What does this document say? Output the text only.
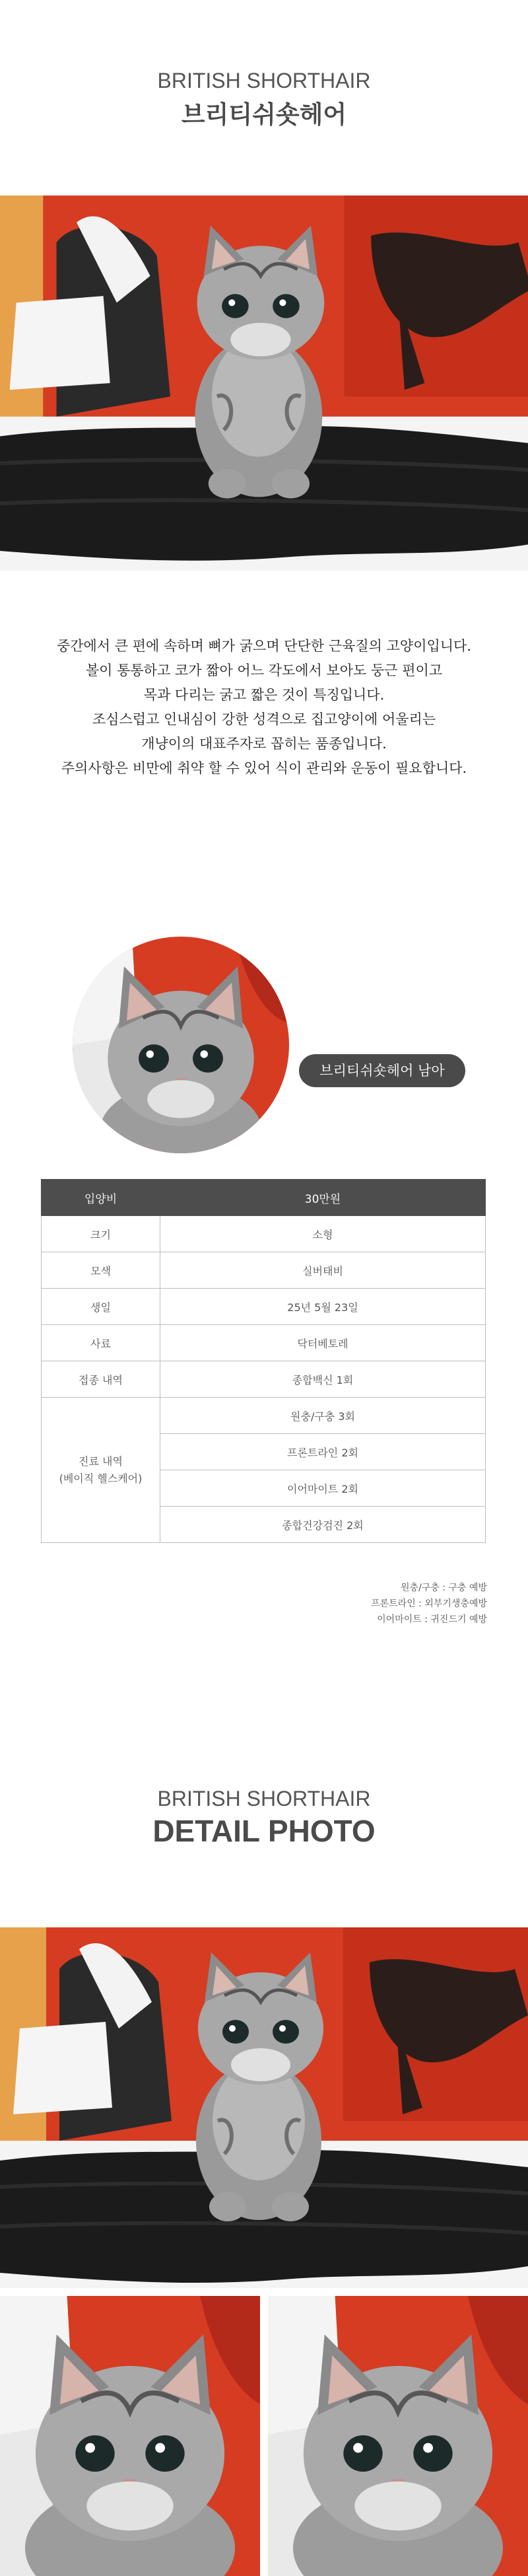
BRITISH SHORTHAIR
브리티쉬숏헤어
중간에서 큰 편에 속하며 뼈가 굵으며 단단한 근육질의 고양이입니다.
볼이 통통하고 코가 짧아 어느 각도에서 보아도 둥근 편이고
목과 다리는 굵고 짧은 것이 특징입니다.
조심스럽고 인내심이 강한 성격으로 집고양이에 어울리는
개냥이의 대표주자로 꼽히는 품종입니다.
주의사항은 비만에 취약 할 수 있어 식이 관리와 운동이 필요합니다.
브리티쉬숏헤어 남아
입양비	30만원
크기	소형
모색	실버태비
생일	25년 5월 23일
사료	닥터베토레
접종 내역	종합백신 1회

진료 내역
(베이직 헬스케어)	원충/구충 3회
	프론트라인 2회
	이어마이트 2회
	종합건강검진 2회
원충/구충 : 구충 예방
프론트라인 : 외부기생충예방
이어마이트 : 귀진드기 예방
BRITISH SHORTHAIR
DETAIL PHOTO
